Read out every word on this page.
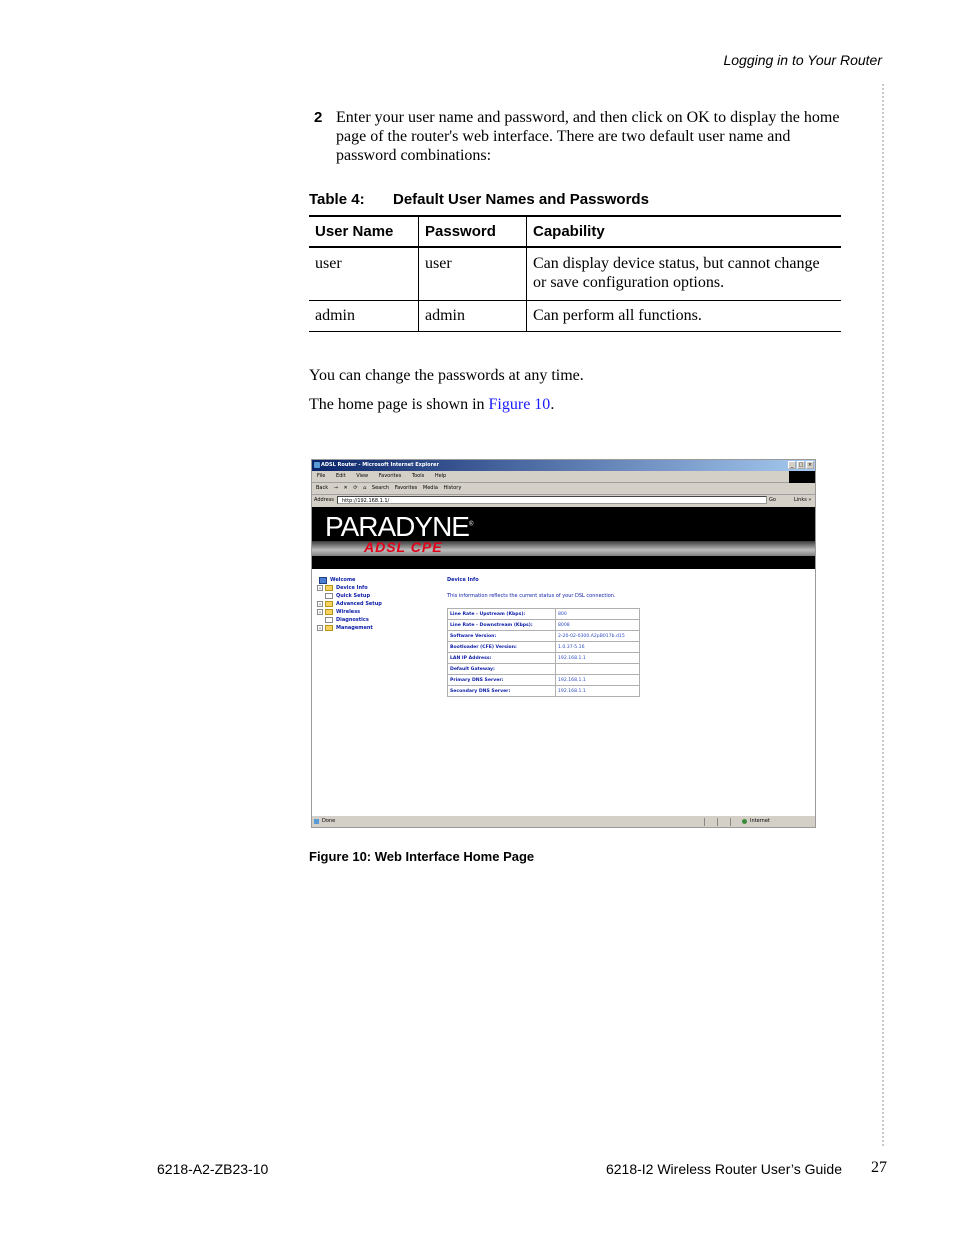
Logging in to Your Router
2 Enter your user name and password, and then click on OK to display the home page of the router's web interface. There are two default user name and password combinations:
Table 4: Default User Names and Passwords
User Name	Password	Capability
user	user	Can display device status, but cannot change or save configuration options.
admin	admin	Can perform all functions.
You can change the passwords at any time.
The home page is shown in Figure 10.
ADSL Router - Microsoft Internet Explorer	_	□ ×
File Edit View Favorites Tools Help
Back → ✕ ⟳ ⌂ Search Favorites Media History
Address	http://192.168.1.1/	Go	Links »
PARADYNE®
ADSL CPE
Welcome
+	Device Info
Quick Setup
+	Advanced Setup
+	Wireless
Diagnostics
+	Management
Device Info
This information reflects the current status of your DSL connection.
Line Rate - Upstream (Kbps):	800
Line Rate - Downstream (Kbps):	8008
Software Version:	2-20-02-0300.A2pB017b.d15
Bootloader (CFE) Version:	1.0.37-5.16
LAN IP Address:	192.168.1.1
Default Gateway:	
Primary DNS Server:	192.168.1.1
Secondary DNS Server:	192.168.1.1
Done	Internet
Figure 10: Web Interface Home Page
6218-A2-ZB23-10	6218-I2 Wireless Router User’s Guide 27
